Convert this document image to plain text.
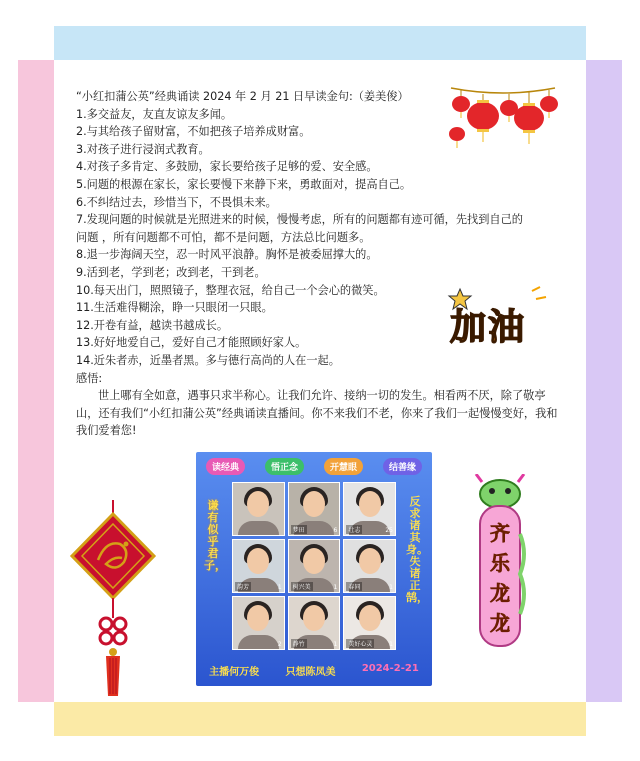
“小红扣蒲公英”经典诵读 2024 年 2 月 21 日早读金句:（姜美俊）
1.多交益友，友直友谅友多闻。
2.与其给孩子留财富，不如把孩子培养成财富。
3.对孩子进行浸润式教育。
4.对孩子多肯定、多鼓励，家长要给孩子足够的爱、安全感。
5.问题的根源在家长，家长要慢下来静下来，勇敢面对，提高自己。
6.不纠结过去，珍惜当下，不畏惧未来。
7.发现问题的时候就是光照进来的时候，慢慢考虑，所有的问题都有迹可循，先找到自己的
问题 ，所有问题都不可怕，都不是问题，方法总比问题多。
8.退一步海阔天空，忍一时风平浪静。胸怀是被委屈撑大的。
9.活到老，学到老；改到老，干到老。
10.每天出门，照照镜子，整理衣冠，给自己一个会心的微笑。
11.生活难得糊涂，睁一只眼闭一只眼。
12.开卷有益，越读书越成长。
13.好好地爱自己，爱好自己才能照顾好家人。
14.近朱者赤，近墨者黑。多与德行高尚的人在一起。
感悟:
世上哪有全如意，遇事只求半称心。让我们允许、接纳一切的发生。相看两不厌，除了敬亭山，还有我们“小红扣蒲公英”经典诵读直播间。你不来我们不老，你来了我们一起慢慢变好，我和我们爱着您!
加油
读经典	悟正念	开慧眼	结善缘
谦有似乎君子，
反求诸其身。失诸正鹄，
梦田	6	壮志	25
韵芳	1	树兴美	1	春同	1
2	静竹	1	美好心灵	1
主播何万俊	只想陈凤美	2024-2-21
齐乐龙龙
